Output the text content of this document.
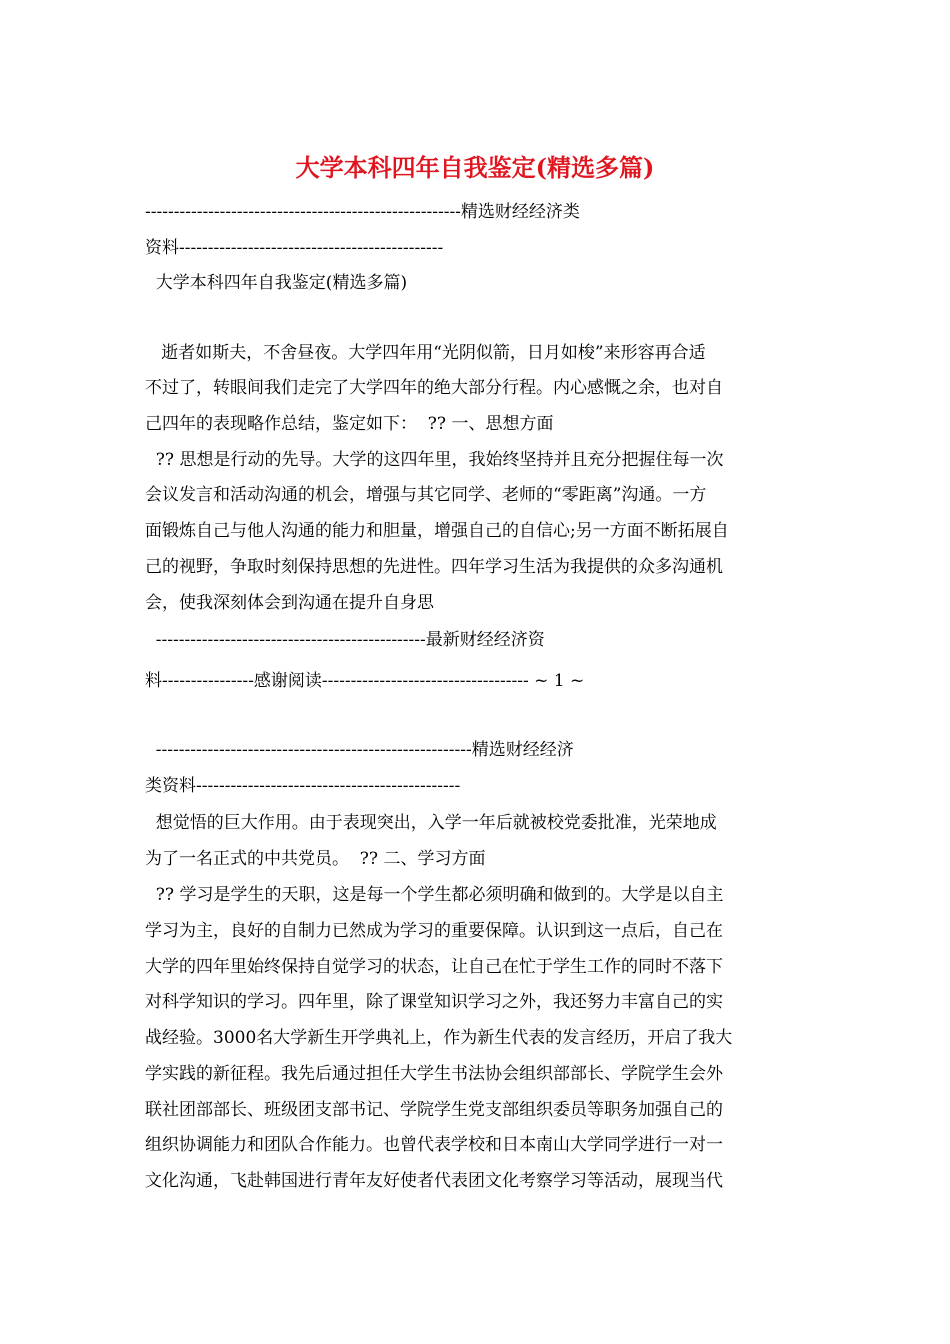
大学本科四年自我鉴定(精选多篇)
-------------------------------------------------------精选财经经济类
资料----------------------------------------------
大学本科四年自我鉴定(精选多篇)
逝者如斯夫，不舍昼夜。大学四年用“光阴似箭，日月如梭”来形容再合适
不过了，转眼间我们走完了大学四年的绝大部分行程。内心感慨之余，也对自
己四年的表现略作总结，鉴定如下：  ?? 一、思想方面
?? 思想是行动的先导。大学的这四年里，我始终坚持并且充分把握住每一次
会议发言和活动沟通的机会，增强与其它同学、老师的“零距离”沟通。一方
面锻炼自己与他人沟通的能力和胆量，增强自己的自信心;另一方面不断拓展自
己的视野，争取时刻保持思想的先进性。四年学习生活为我提供的众多沟通机
会，使我深刻体会到沟通在提升自身思
-----------------------------------------------最新财经经济资
料----------------感谢阅读------------------------------------ ~ 1 ~
-------------------------------------------------------精选财经经济
类资料----------------------------------------------
想觉悟的巨大作用。由于表现突出，入学一年后就被校党委批准，光荣地成
为了一名正式的中共党员。  ?? 二、学习方面
?? 学习是学生的天职，这是每一个学生都必须明确和做到的。大学是以自主
学习为主，良好的自制力已然成为学习的重要保障。认识到这一点后，自己在
大学的四年里始终保持自觉学习的状态，让自己在忙于学生工作的同时不落下
对科学知识的学习。四年里，除了课堂知识学习之外，我还努力丰富自己的实
战经验。3000名大学新生开学典礼上，作为新生代表的发言经历，开启了我大
学实践的新征程。我先后通过担任大学生书法协会组织部部长、学院学生会外
联社团部部长、班级团支部书记、学院学生党支部组织委员等职务加强自己的
组织协调能力和团队合作能力。也曾代表学校和日本南山大学同学进行一对一
文化沟通，飞赴韩国进行青年友好使者代表团文化考察学习等活动，展现当代
